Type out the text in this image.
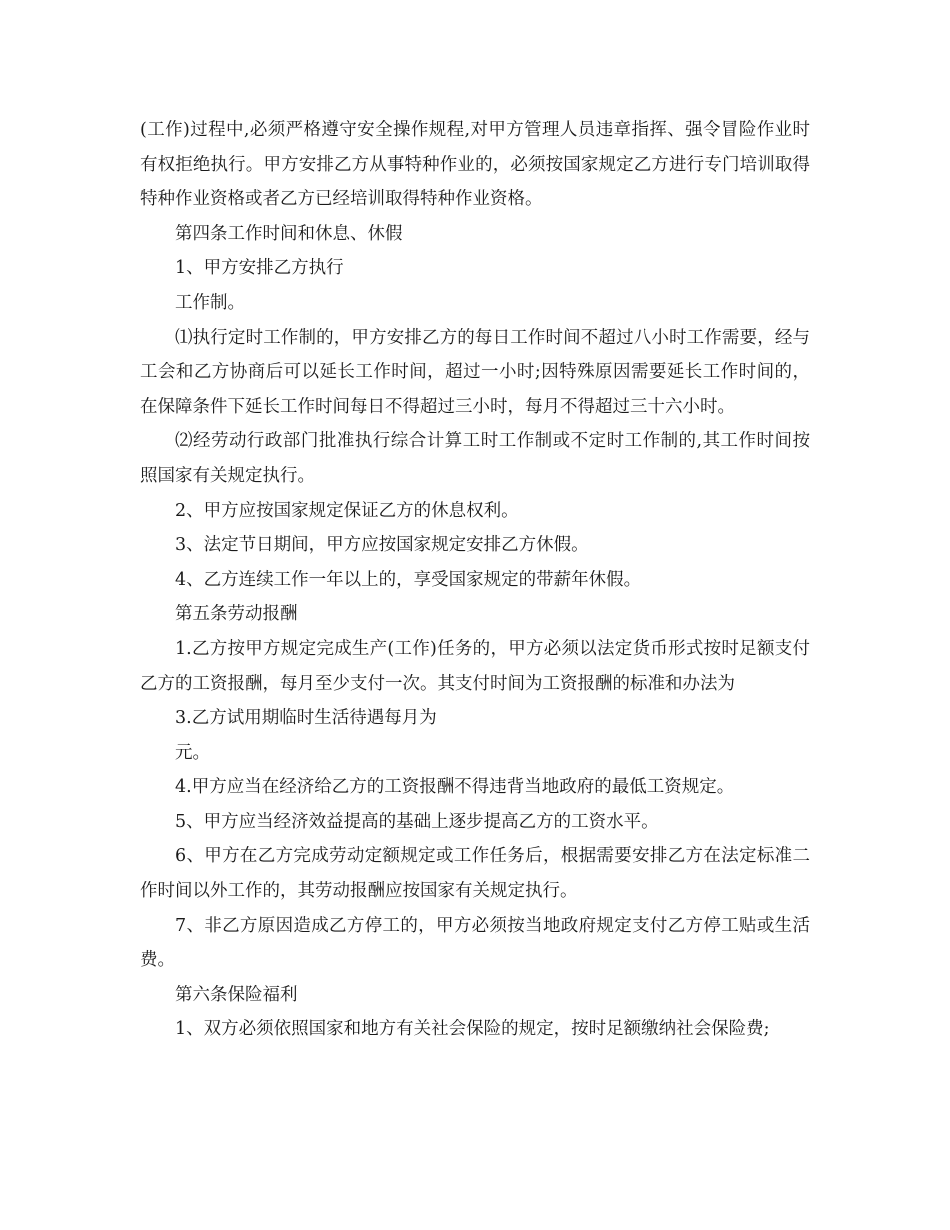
(工作)过程中,必须严格遵守安全操作规程,对甲方管理人员违章指挥、强令冒险作业时有权拒绝执行。甲方安排乙方从事特种作业的，必须按国家规定乙方进行专门培训取得特种作业资格或者乙方已经培训取得特种作业资格。

第四条工作时间和休息、休假

1、甲方安排乙方执行

工作制。

⑴执行定时工作制的，甲方安排乙方的每日工作时间不超过八小时工作需要，经与工会和乙方协商后可以延长工作时间，超过一小时;因特殊原因需要延长工作时间的，在保障条件下延长工作时间每日不得超过三小时，每月不得超过三十六小时。

⑵经劳动行政部门批准执行综合计算工时工作制或不定时工作制的,其工作时间按照国家有关规定执行。

2、甲方应按国家规定保证乙方的休息权利。

3、法定节日期间，甲方应按国家规定安排乙方休假。

4、乙方连续工作一年以上的，享受国家规定的带薪年休假。

第五条劳动报酬

1.乙方按甲方规定完成生产(工作)任务的，甲方必须以法定货币形式按时足额支付乙方的工资报酬，每月至少支付一次。其支付时间为工资报酬的标准和办法为

3.乙方试用期临时生活待遇每月为

元。

4.甲方应当在经济给乙方的工资报酬不得违背当地政府的最低工资规定。

5、甲方应当经济效益提高的基础上逐步提高乙方的工资水平。

6、甲方在乙方完成劳动定额规定或工作任务后，根据需要安排乙方在法定标准二作时间以外工作的，其劳动报酬应按国家有关规定执行。

7、非乙方原因造成乙方停工的，甲方必须按当地政府规定支付乙方停工贴或生活费。

第六条保险福利

1、双方必须依照国家和地方有关社会保险的规定，按时足额缴纳社会保险费;
